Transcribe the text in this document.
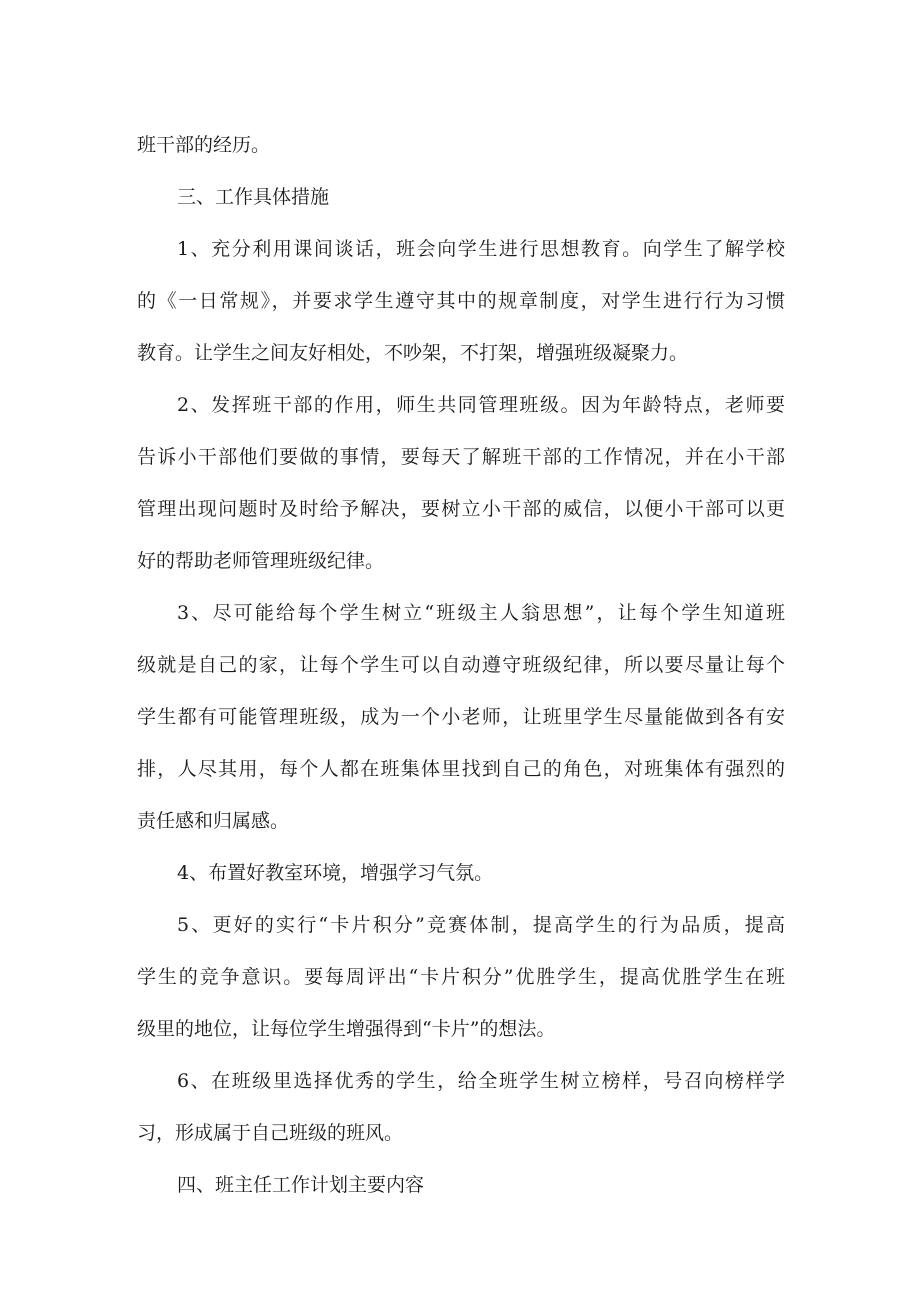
班干部的经历。

三、工作具体措施

1、充分利用课间谈话，班会向学生进行思想教育。向学生了解学校

的《一日常规》，并要求学生遵守其中的规章制度，对学生进行行为习惯

教育。让学生之间友好相处，不吵架，不打架，增强班级凝聚力。

2、发挥班干部的作用，师生共同管理班级。因为年龄特点，老师要

告诉小干部他们要做的事情，要每天了解班干部的工作情况，并在小干部

管理出现问题时及时给予解决，要树立小干部的威信，以便小干部可以更

好的帮助老师管理班级纪律。

3、尽可能给每个学生树立“班级主人翁思想”，让每个学生知道班

级就是自己的家，让每个学生可以自动遵守班级纪律，所以要尽量让每个

学生都有可能管理班级，成为一个小老师，让班里学生尽量能做到各有安

排，人尽其用，每个人都在班集体里找到自己的角色，对班集体有强烈的

责任感和归属感。

4、布置好教室环境，增强学习气氛。

5、更好的实行“卡片积分”竞赛体制，提高学生的行为品质，提高

学生的竞争意识。要每周评出“卡片积分”优胜学生，提高优胜学生在班

级里的地位，让每位学生增强得到“卡片”的想法。

6、在班级里选择优秀的学生，给全班学生树立榜样，号召向榜样学

习，形成属于自己班级的班风。

四、班主任工作计划主要内容
